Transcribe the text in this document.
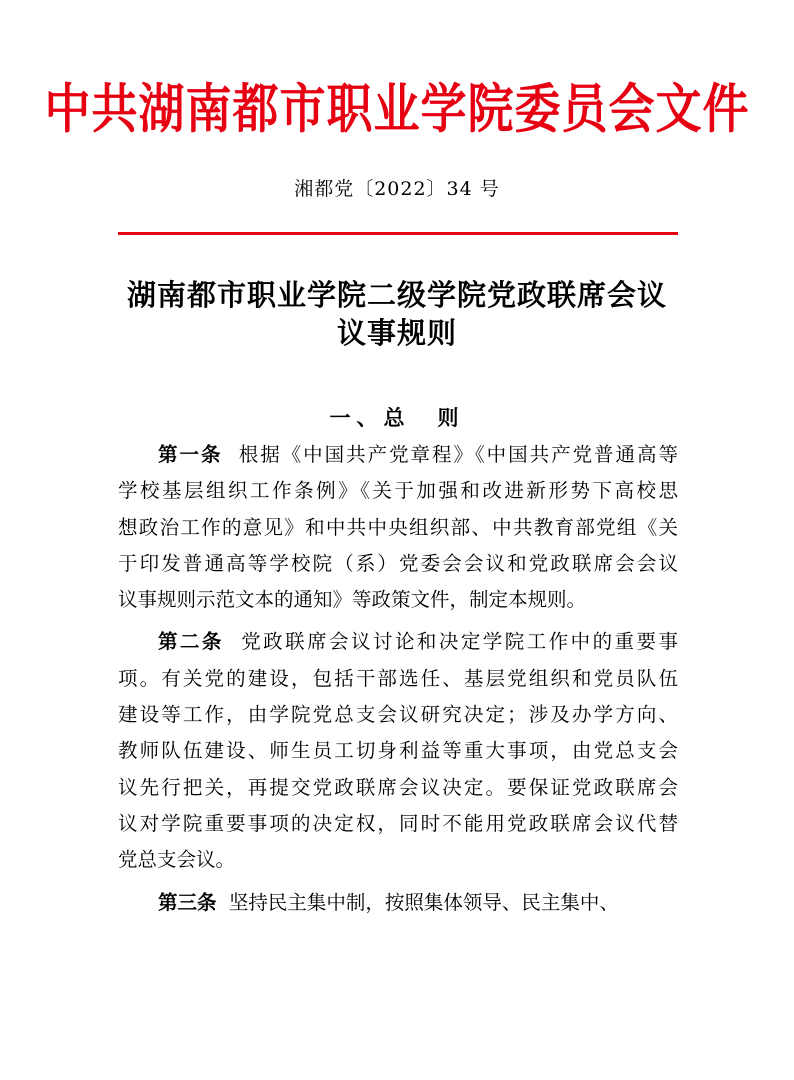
中共湖南都市职业学院委员会文件
湘都党〔2022〕34 号
湖南都市职业学院二级学院党政联席会议
议事规则
一、总　则
第一条 根据《中国共产党章程》《中国共产党普通高等
学校基层组织工作条例》《关于加强和改进新形势下高校思
想政治工作的意见》和中共中央组织部、中共教育部党组《关
于印发普通高等学校院（系）党委会会议和党政联席会会议
议事规则示范文本的通知》等政策文件，制定本规则。
第二条 党政联席会议讨论和决定学院工作中的重要事
项。有关党的建设，包括干部选任、基层党组织和党员队伍
建设等工作，由学院党总支会议研究决定；涉及办学方向、
教师队伍建设、师生员工切身利益等重大事项，由党总支会
议先行把关，再提交党政联席会议决定。要保证党政联席会
议对学院重要事项的决定权，同时不能用党政联席会议代替
党总支会议。
第三条 坚持民主集中制，按照集体领导、民主集中、
